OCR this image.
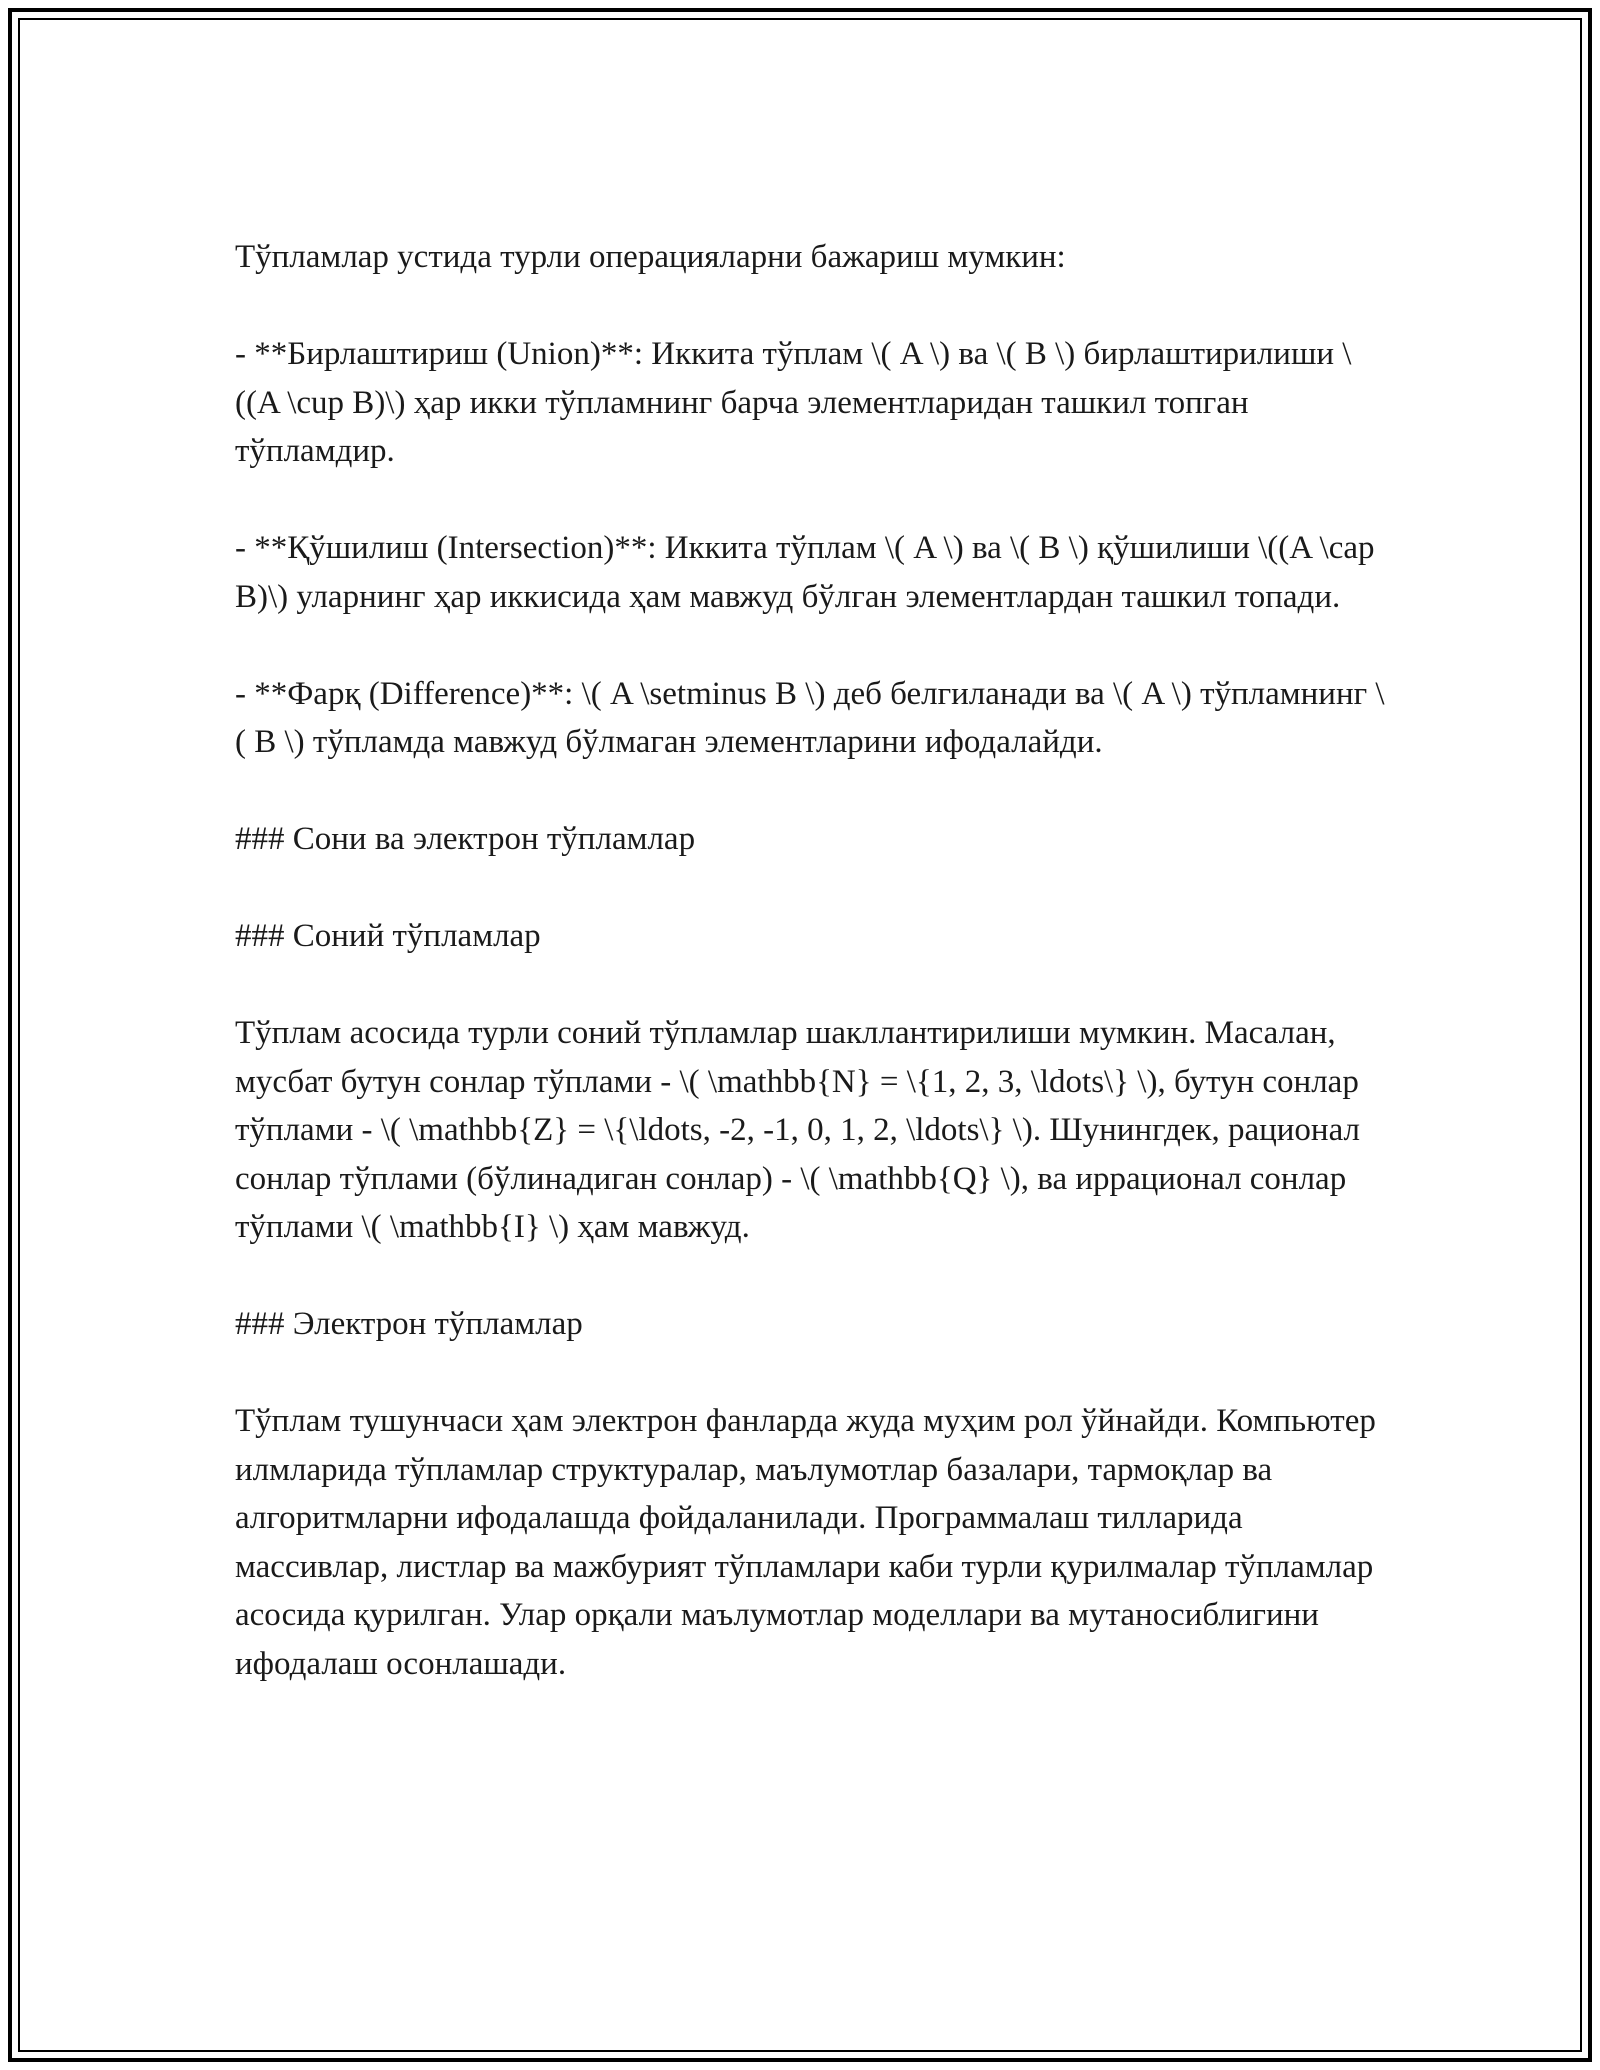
Тўпламлар устида турли операцияларни бажариш мумкин:

- **Бирлаштириш (Union)**: Иккита тўплам \( A \) ва \( B \) бирлаштирилиши \((A \cup B)\) ҳар икки тўпламнинг барча элементларидан ташкил топган тўпламдир.

- **Қўшилиш (Intersection)**: Иккита тўплам \( A \) ва \( B \) қўшилиши \((A \cap B)\) уларнинг ҳар иккисида ҳам мавжуд бўлган элементлардан ташкил топади.

- **Фарқ (Difference)**: \( A \setminus B \) деб белгиланади ва \( A \) тўпламнинг \( B \) тўпламда мавжуд бўлмаган элементларини ифодалайди.

### Сони ва электрон тўпламлар

### Соний тўпламлар

Тўплам асосида турли соний тўпламлар шакллантирилиши мумкин. Масалан, мусбат бутун сонлар тўплами - \( \mathbb{N} = \{1, 2, 3, \ldots\} \), бутун сонлар тўплами - \( \mathbb{Z} = \{\ldots, -2, -1, 0, 1, 2, \ldots\} \). Шунингдек, рационал сонлар тўплами (бўлинадиган сонлар) - \( \mathbb{Q} \), ва иррационал сонлар тўплами \( \mathbb{I} \) ҳам мавжуд.

### Электрон тўпламлар

Тўплам тушунчаси ҳам электрон фанларда жуда муҳим рол ўйнайди. Компьютер илмларида тўпламлар структуралар, маълумотлар базалари, тармоқлар ва алгоритмларни ифодалашда фойдаланилади. Программалаш тилларида массивлар, листлар ва мажбурият тўпламлари каби турли қурилмалар тўпламлар асосида қурилган. Улар орқали маълумотлар моделлари ва мутаносиблигини ифодалаш осонлашади.
